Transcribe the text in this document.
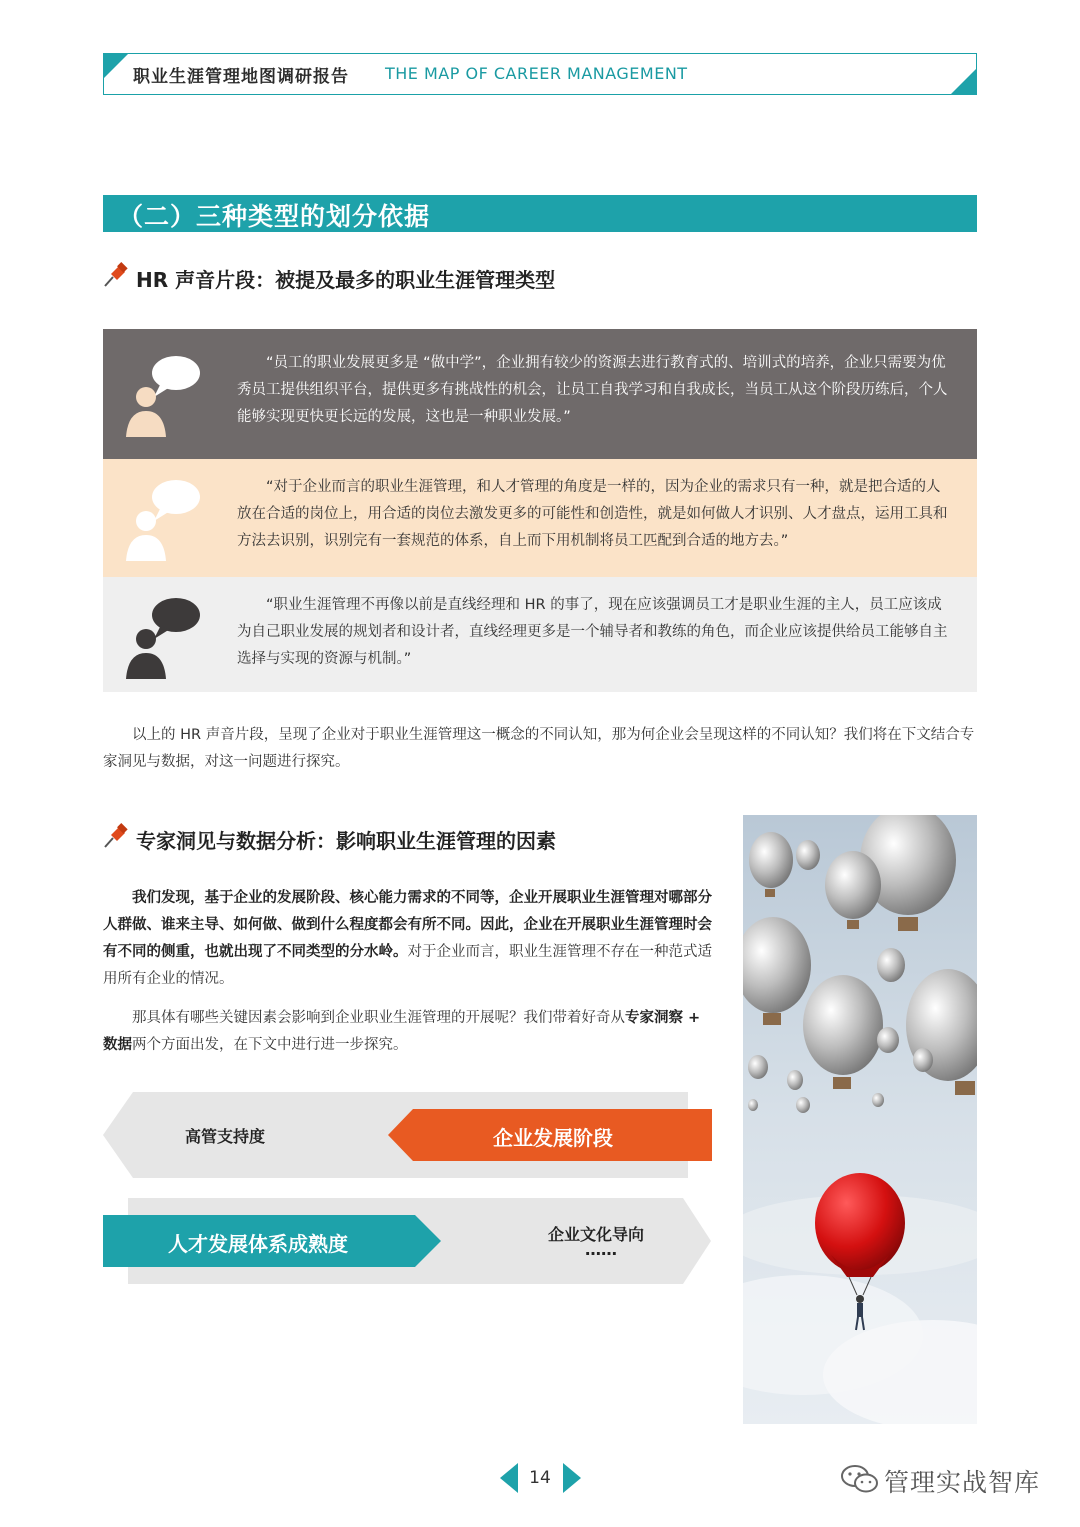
职业生涯管理地图调研报告 THE MAP OF CAREER MANAGEMENT
（二）三种类型的划分依据
HR 声音片段：被提及最多的职业生涯管理类型
“员工的职业发展更多是 “做中学”，企业拥有较少的资源去进行教育式的、培训式的培养，企业只需要为优秀员工提供组织平台，提供更多有挑战性的机会，让员工自我学习和自我成长，当员工从这个阶段历练后，个人能够实现更快更长远的发展，这也是一种职业发展。”
“对于企业而言的职业生涯管理，和人才管理的角度是一样的，因为企业的需求只有一种，就是把合适的人放在合适的岗位上，用合适的岗位去激发更多的可能性和创造性，就是如何做人才识别、人才盘点，运用工具和方法去识别，识别完有一套规范的体系，自上而下用机制将员工匹配到合适的地方去。”
“职业生涯管理不再像以前是直线经理和 HR 的事了，现在应该强调员工才是职业生涯的主人，员工应该成为自己职业发展的规划者和设计者，直线经理更多是一个辅导者和教练的角色，而企业应该提供给员工能够自主选择与实现的资源与机制。”
以上的 HR 声音片段，呈现了企业对于职业生涯管理这一概念的不同认知，那为何企业会呈现这样的不同认知？我们将在下文结合专家洞见与数据，对这一问题进行探究。
专家洞见与数据分析：影响职业生涯管理的因素
我们发现，基于企业的发展阶段、核心能力需求的不同等，企业开展职业生涯管理对哪部分人群做、谁来主导、如何做、做到什么程度都会有所不同。因此，企业在开展职业生涯管理时会有不同的侧重，也就出现了不同类型的分水岭。对于企业而言，职业生涯管理不存在一种范式适用所有企业的情况。
那具体有哪些关键因素会影响到企业职业生涯管理的开展呢？我们带着好奇从专家洞察 + 数据两个方面出发，在下文中进行进一步探究。
高管支持度	企业发展阶段
人才发展体系成熟度	企业文化导向
……
14	管理实战智库
